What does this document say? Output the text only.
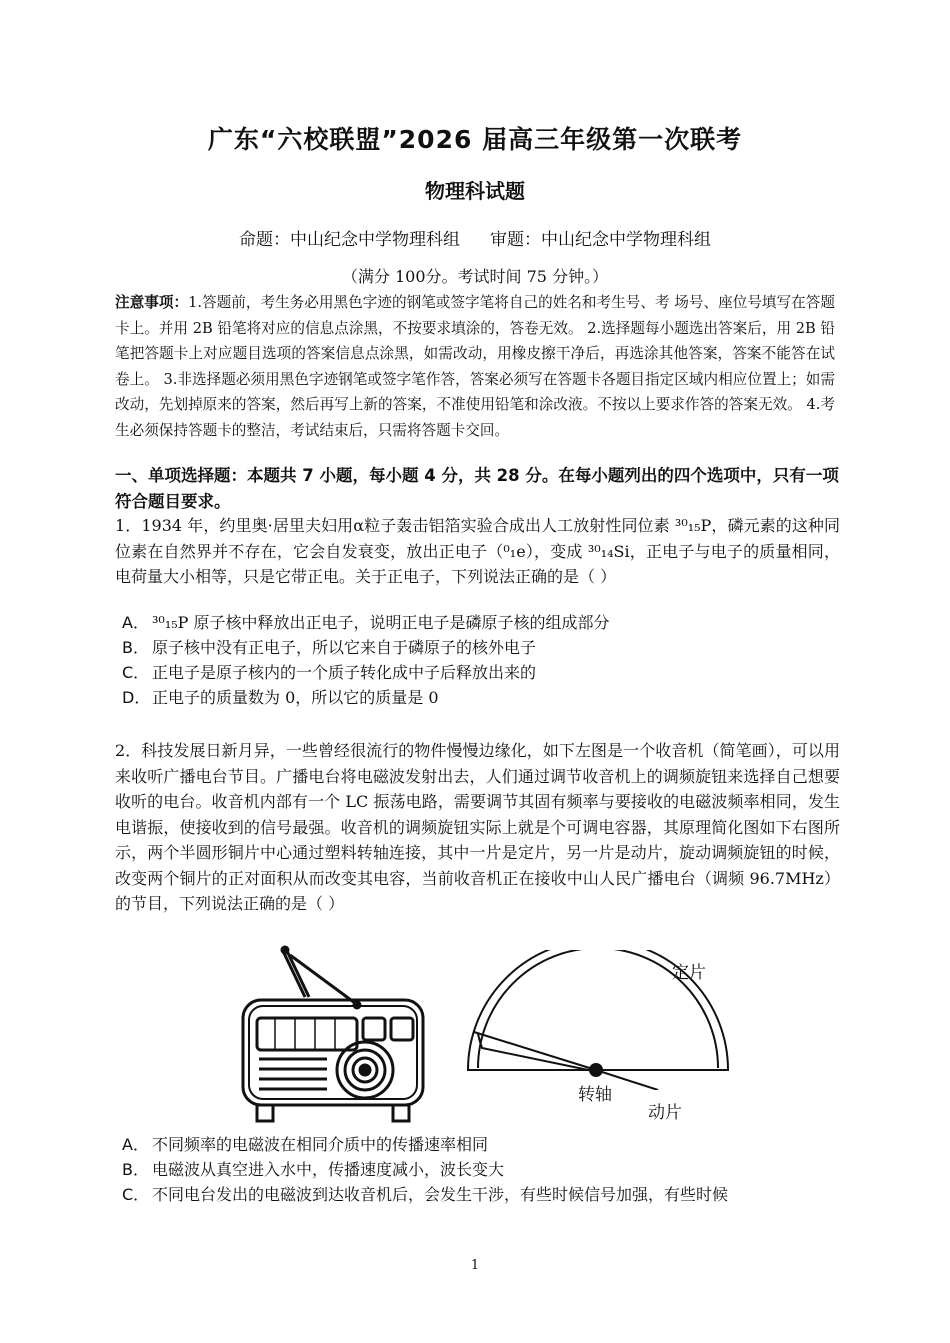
广东“六校联盟”2026 届高三年级第一次联考
物理科试题
命题：中山纪念中学物理科组 审题：中山纪念中学物理科组
（满分 100分。考试时间 75 分钟。）
注意事项：1.答题前，考生务必用黑色字迹的钢笔或签字笔将自己的姓名和考生号、考 场号、座位号填写在答题卡上。并用 2B 铅笔将对应的信息点涂黑，不按要求填涂的，答卷无效。 2.选择题每小题选出答案后，用 2B 铅笔把答题卡上对应题目选项的答案信息点涂黑，如需改动，用橡皮擦干净后，再选涂其他答案，答案不能答在试卷上。 3.非选择题必须用黑色字迹钢笔或签字笔作答，答案必须写在答题卡各题目指定区域内相应位置上；如需改动，先划掉原来的答案，然后再写上新的答案，不准使用铅笔和涂改液。不按以上要求作答的答案无效。 4.考生必须保持答题卡的整洁，考试结束后，只需将答题卡交回。
一、单项选择题：本题共 7 小题，每小题 4 分，共 28 分。在每小题列出的四个选项中，只有一项符合题目要求。
1．1934 年，约里奥·居里夫妇用α粒子轰击铝箔实验合成出人工放射性同位素 ³⁰₁₅P，磷元素的这种同位素在自然界并不存在，它会自发衰变，放出正电子（⁰₁e），变成 ³⁰₁₄Si，正电子与电子的质量相同，电荷量大小相等，只是它带正电。关于正电子，下列说法正确的是（ ）
A． ³⁰₁₅P 原子核中释放出正电子，说明正电子是磷原子核的组成部分
B． 原子核中没有正电子，所以它来自于磷原子的核外电子
C． 正电子是原子核内的一个质子转化成中子后释放出来的
D． 正电子的质量数为 0，所以它的质量是 0
2．科技发展日新月异，一些曾经很流行的物件慢慢边缘化，如下左图是一个收音机（简笔画），可以用来收听广播电台节目。广播电台将电磁波发射出去，人们通过调节收音机上的调频旋钮来选择自己想要收听的电台。收音机内部有一个 LC 振荡电路，需要调节其固有频率与要接收的电磁波频率相同，发生电谐振，使接收到的信号最强。收音机的调频旋钮实际上就是个可调电容器，其原理简化图如下右图所示，两个半圆形铜片中心通过塑料转轴连接，其中一片是定片，另一片是动片，旋动调频旋钮的时候，改变两个铜片的正对面积从而改变其电容，当前收音机正在接收中山人民广播电台（调频 96.7MHz）的节目，下列说法正确的是（ ）
定片
转轴
动片
A． 不同频率的电磁波在相同介质中的传播速率相同
B． 电磁波从真空进入水中，传播速度减小，波长变大
C． 不同电台发出的电磁波到达收音机后，会发生干涉，有些时候信号加强，有些时候
1
